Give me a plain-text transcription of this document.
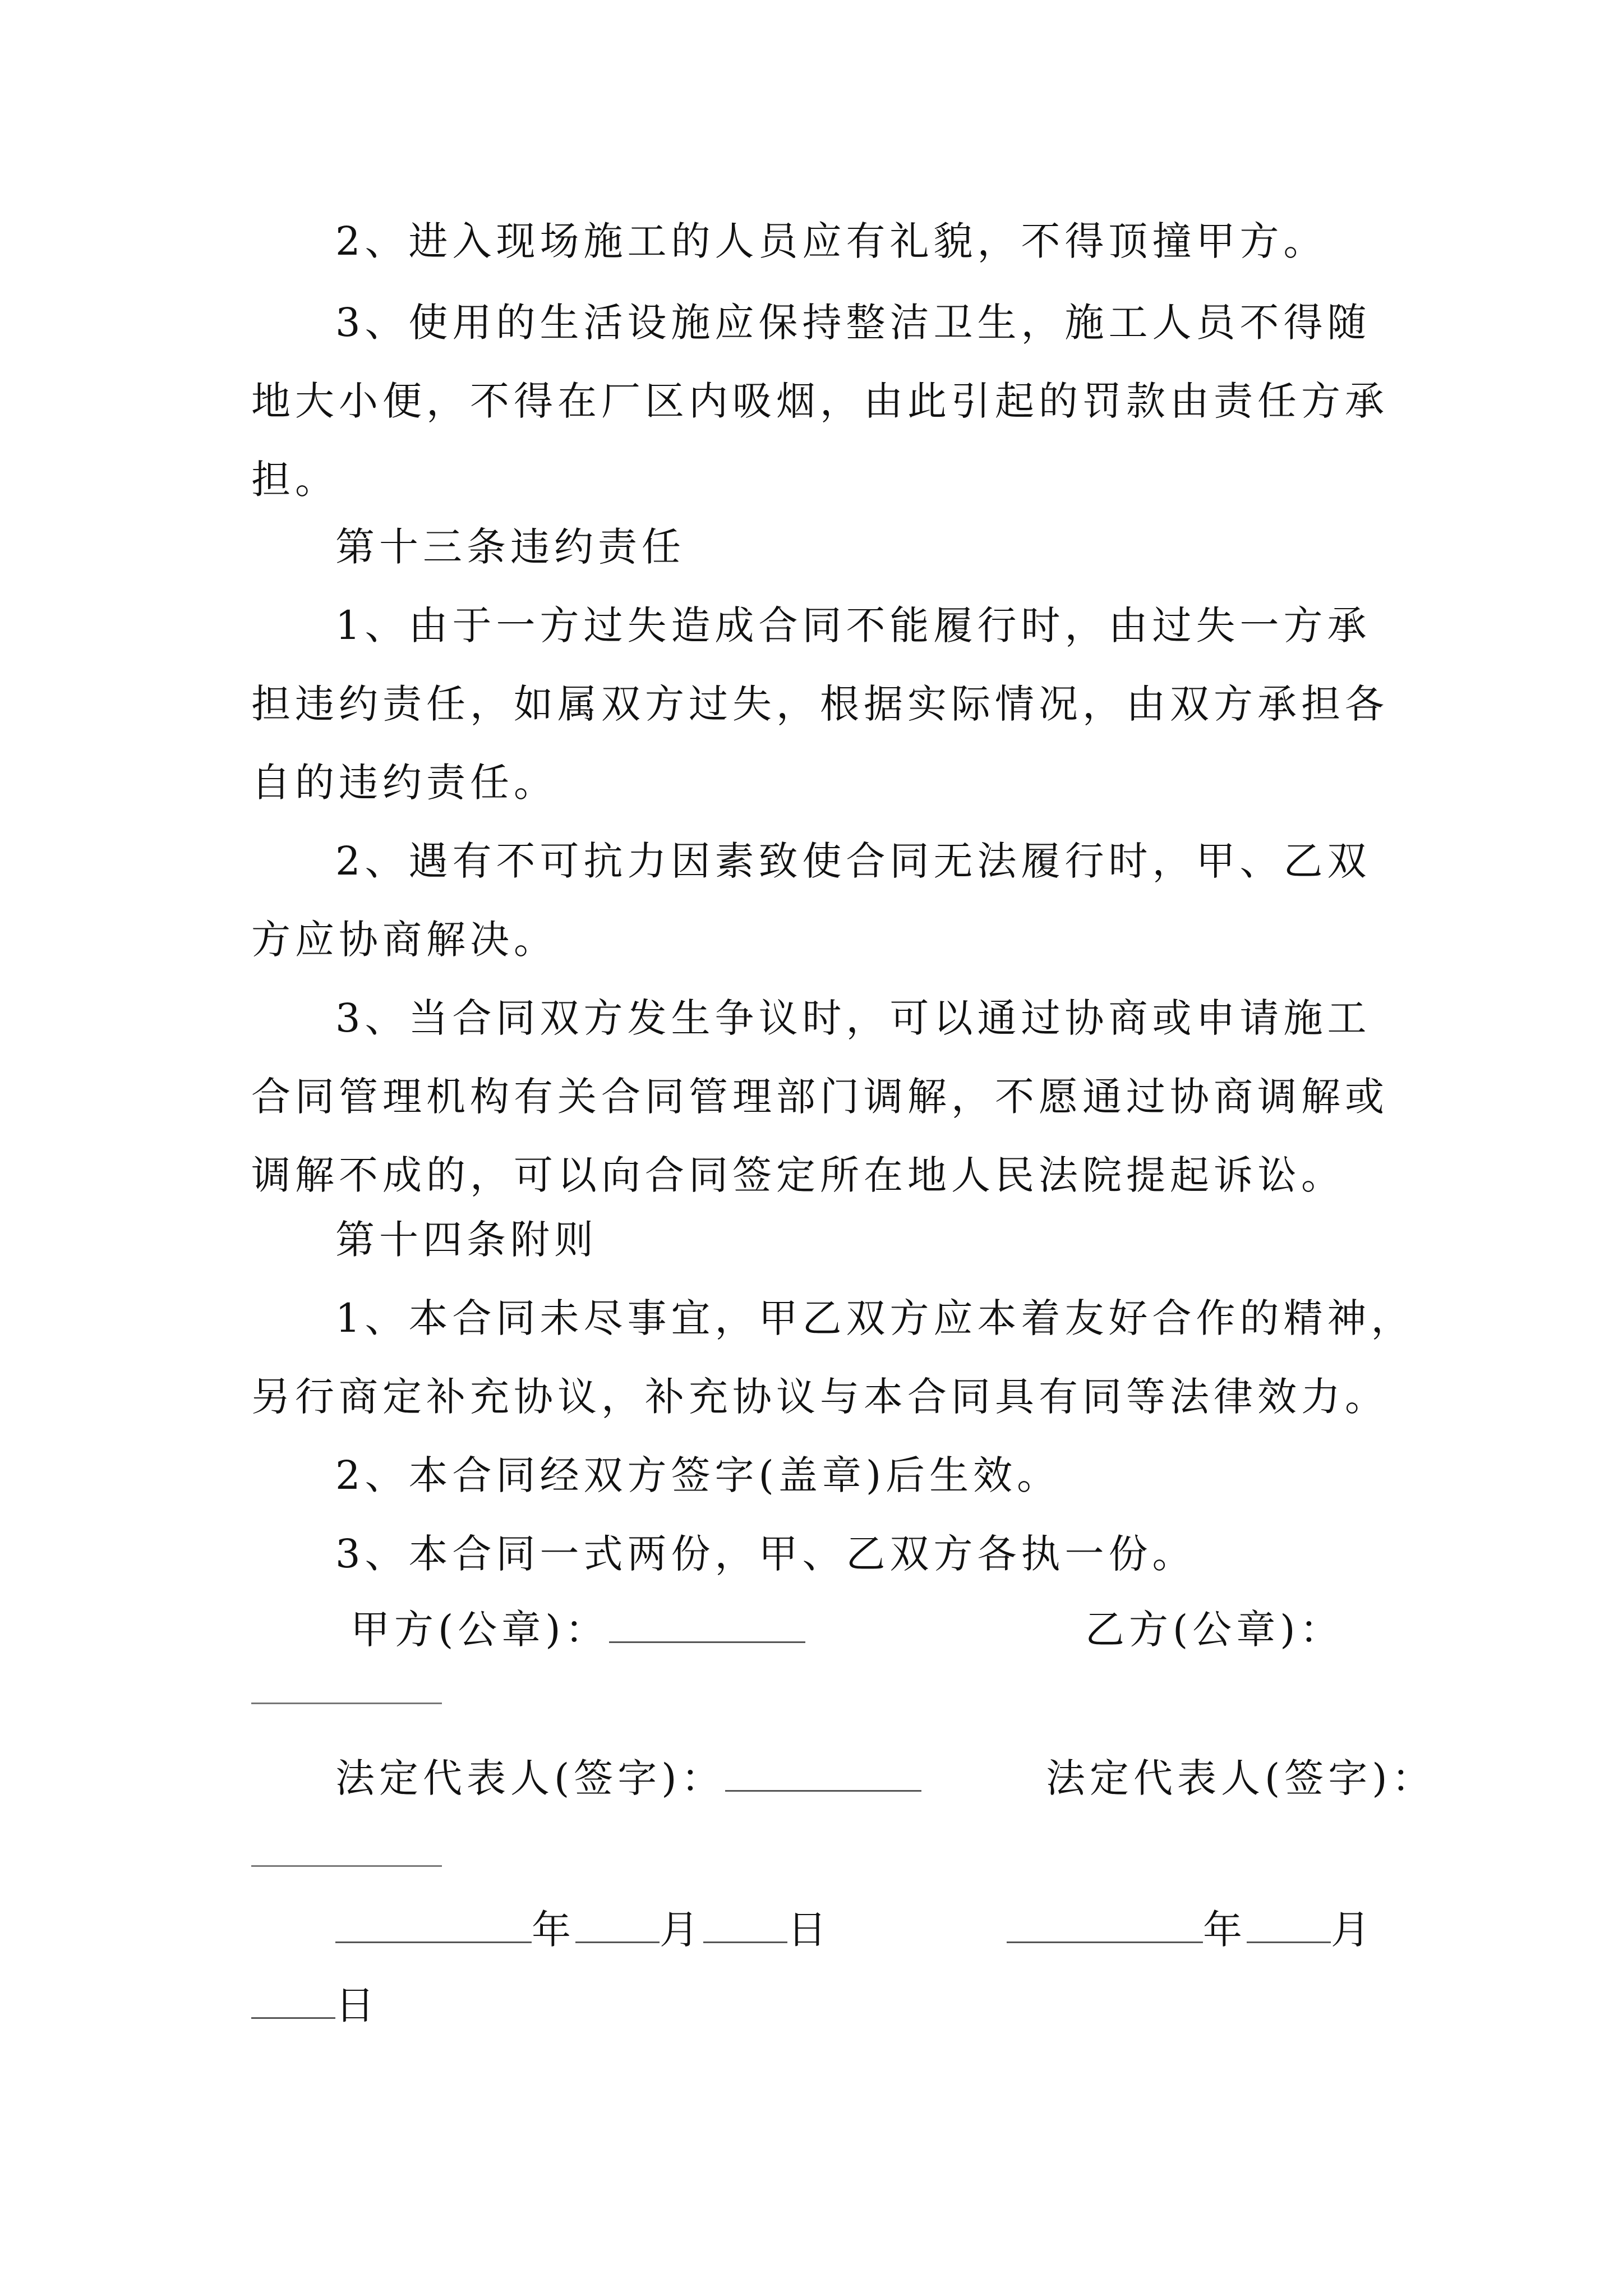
2、进入现场施工的人员应有礼貌，不得顶撞甲方。

3、使用的生活设施应保持整洁卫生，施工人员不得随

地大小便，不得在厂区内吸烟，由此引起的罚款由责任方承

担。

第十三条违约责任

1、由于一方过失造成合同不能履行时，由过失一方承

担违约责任，如属双方过失，根据实际情况，由双方承担各

自的违约责任。

2、遇有不可抗力因素致使合同无法履行时，甲、乙双

方应协商解决。

3、当合同双方发生争议时，可以通过协商或申请施工

合同管理机构有关合同管理部门调解，不愿通过协商调解或

调解不成的，可以向合同签定所在地人民法院提起诉讼。

第十四条附则

1、本合同未尽事宜，甲乙双方应本着友好合作的精神，

另行商定补充协议，补充协议与本合同具有同等法律效力。

2、本合同经双方签字(盖章)后生效。

3、本合同一式两份，甲、乙双方各执一份。

甲方(公章)：	乙方(公章)：
法定代表人(签字)：	法定代表人(签字)：
年 月 日	年 月
日
